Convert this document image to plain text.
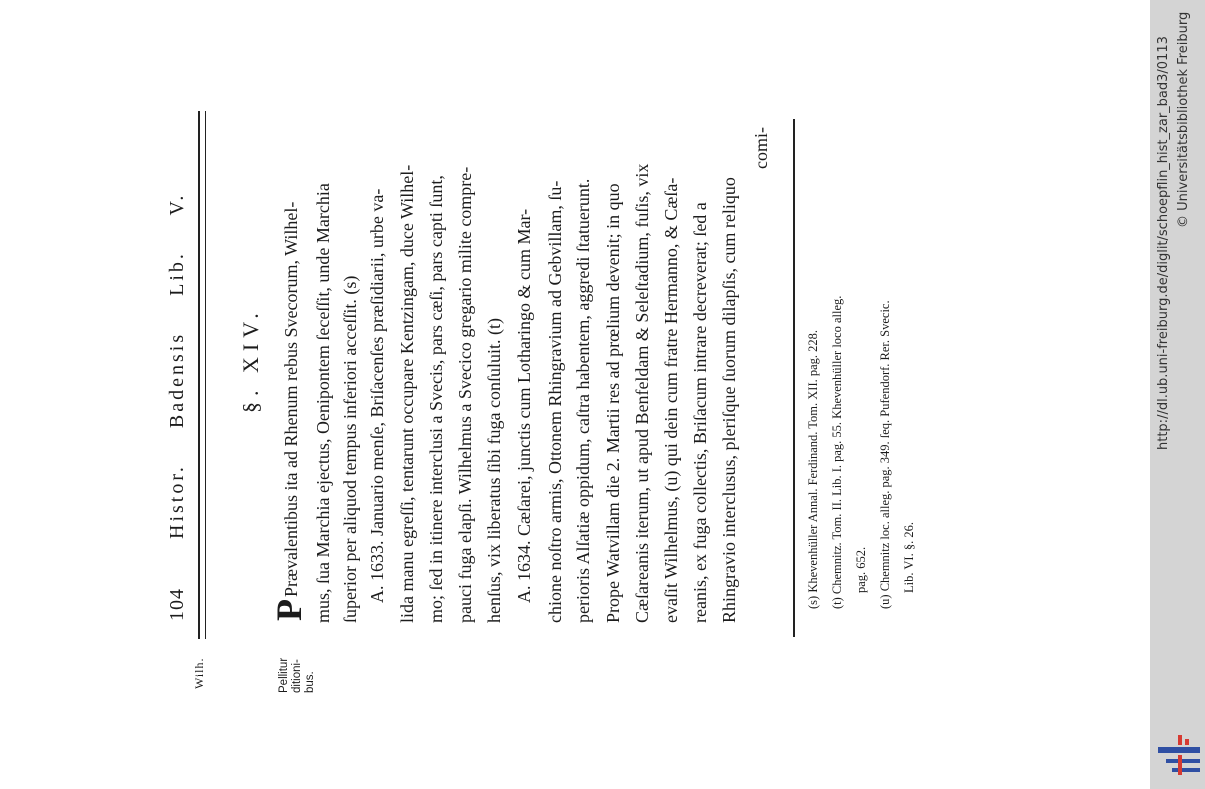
104
Histor. Badensis Lib. V.
Wilh.	Pellitur ditioni- bus.
§. XIV.
P
Prævalentibus ita ad Rhenum rebus Svecorum, Wilhel- mus, ſua Marchia ejectus, Oenipontem ſeceſſit, unde Marchia ſuperior per aliquod tempus inferiori acceſſit. (s) A. 1633. Januario menſe, Briſacenſes præſidiarii, urbe va- lida manu egreſſi, tentarunt occupare Kentzingam, duce Wilhel- mo; ſed in itinere interclusi a Svecis, pars cæſi, pars capti ſunt, pauci fuga elapſi. Wilhelmus a Svecico gregario milite compre- henſus, vix liberatus ſibi fuga conſuluit. (t) A. 1634. Cæſarei, junctis cum Lotharingo & cum Mar- chione noſtro armis, Ottonem Rhingravium ad Gebvillam, ſu- perioris Alſatiæ oppidum, caſtra habentem, aggredi ſtatuerunt. Prope Watvillam die 2. Martii res ad prœlium devenit; in quo Cæſareanis iterum, ut apud Benfeldam & Seleſtadium, fuſis, vix evaſit Wilhelmus, (u) qui dein cum fratre Hermanno, & Cæſa- reanis, ex fuga collectis, Briſacum intrare decreverat; ſed a Rhingravio interclusus, pleriſque ſuorum dilapſis, cum reliquo
comi-
(s) Khevenhüller Annal. Ferdinand. Tom. XII. pag. 228. (t) Chemnitz. Tom. II. Lib. I. pag. 55. Khevenhüller loco alleg. pag. 652. (u) Chemnitz loc. alleg. pag. 349. ſeq. Pufendorf. Rer. Svecic. Lib. VI. §. 26.
http://dl.ub.uni-freiburg.de/diglit/schoepflin_hist_zar_bad3/0113 © Universitätsbibliothek Freiburg
